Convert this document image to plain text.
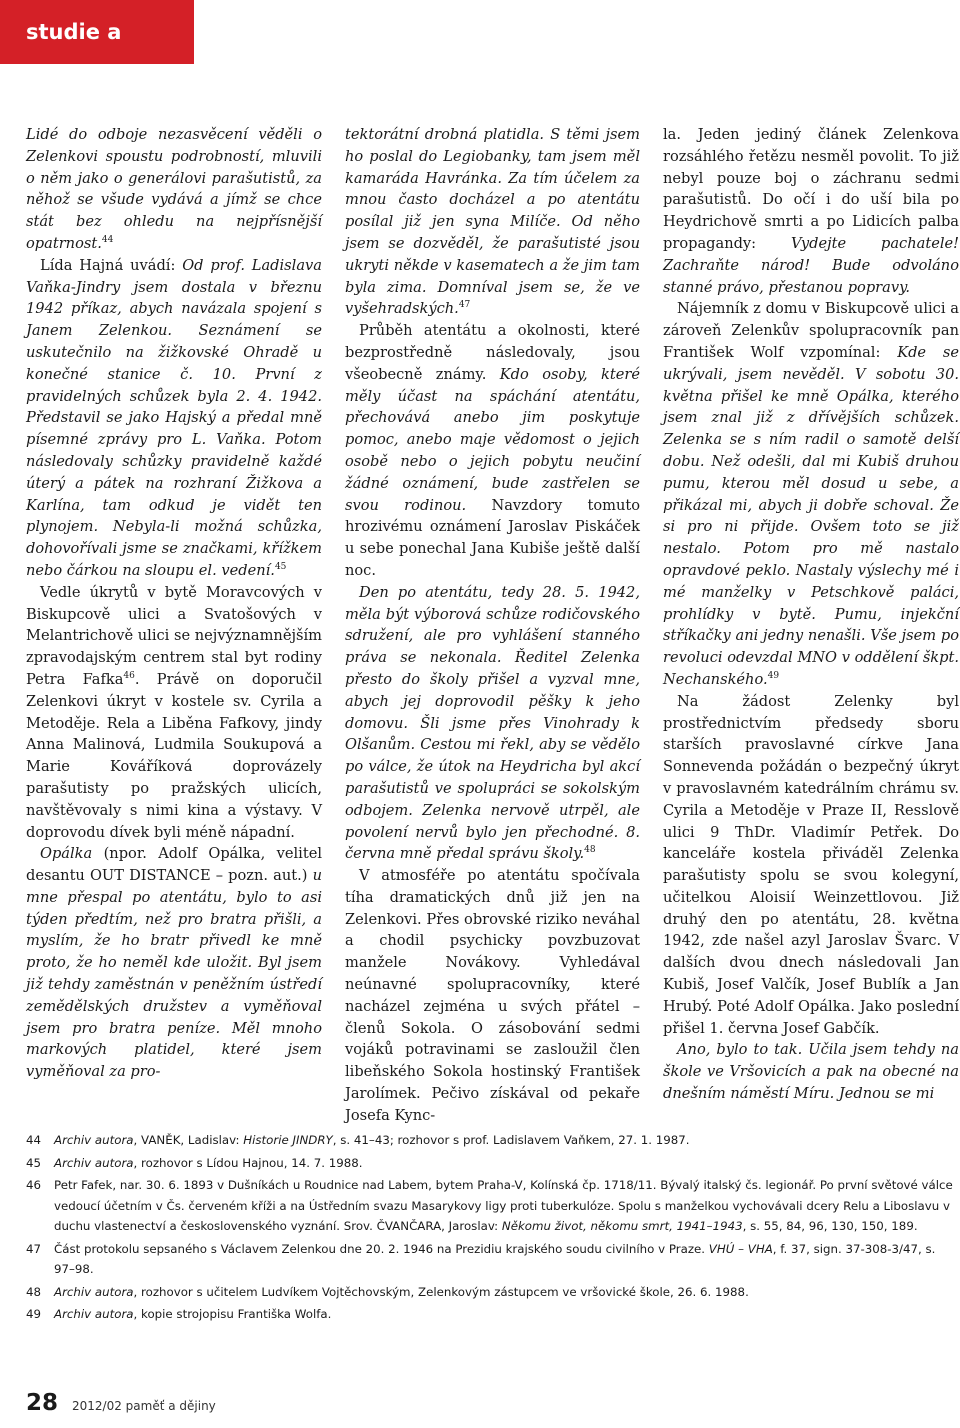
studie a články

Lidé do odboje nezasvěcení věděli o Zelenkovi spoustu podrobností, mluvili o něm jako o generálovi parašutistů, za něhož se všude vydává a jímž se chce stát bez ohledu na nejpřísnější opatrnost.$^{44}$

Lída Hajná uvádí: Od prof. Ladislava Vaňka-Jindry jsem dostala v březnu 1942 příkaz, abych navázala spojení s Janem Zelenkou. Seznámení se uskutečnilo na žižkovské Ohradě u konečné stanice č. 10. První z pravidelných schůzek byla 2. 4. 1942. Představil se jako Hajský a předal mně písemné zprávy pro L. Vaňka. Potom následovaly schůzky pravidelně každé úterý a pátek na rozhraní Žižkova a Karlína, tam odkud je vidět ten plynojem. Nebyla-li možná schůzka, dohovořívali jsme se značkami, křížkem nebo čárkou na sloupu el. vedení.$^{45}$

Vedle úkrytů v bytě Moravcových v Biskupcově ulici a Svatošových v Melantrichově ulici se nejvýznamnějším zpravodajským centrem stal byt rodiny Petra Fafka$^{46}$. Právě on doporučil Zelenkovi úkryt v kostele sv. Cyrila a Metoděje. Rela a Liběna Fafkovy, jindy Anna Malinová, Ludmila Soukupová a Marie Kováříková doprovázely parašutisty po pražských ulicích, navštěvovaly s nimi kina a výstavy. V doprovodu dívek byli méně nápadní.

Opálka (npor. Adolf Opálka, velitel desantu OUT DISTANCE – pozn. aut.) u mne přespal po atentátu, bylo to asi týden předtím, než pro bratra přišli, a myslím, že ho bratr přivedl ke mně proto, že ho neměl kde uložit. Byl jsem již tehdy zaměstnán v peněžním ústředí zemědělských družstev a vyměňoval jsem pro bratra peníze. Měl mnoho markových platidel, které jsem vyměňoval za pro-

tektorátní drobná platidla. S těmi jsem ho poslal do Legiobanky, tam jsem měl kamaráda Havránka. Za tím účelem za mnou často docházel a po atentátu posílal již jen syna Milíče. Od něho jsem se dozvěděl, že parašutisté jsou ukryti někde v kasematech a že jim tam byla zima. Domníval jsem se, že ve vyšehradských.$^{47}$

Průběh atentátu a okolnosti, které bezprostředně následovaly, jsou všeobecně známy. Kdo osoby, které měly účast na spáchání atentátu, přechovává anebo jim poskytuje pomoc, anebo maje vědomost o jejich osobě nebo o jejich pobytu neučiní žádné oznámení, bude zastřelen se svou rodinou. Navzdory tomuto hrozivému oznámení Jaroslav Piskáček u sebe ponechal Jana Kubiše ještě další noc.

Den po atentátu, tedy 28. 5. 1942, měla být výborová schůze rodičovského sdružení, ale pro vyhlášení stanného práva se nekonala. Ředitel Zelenka přesto do školy přišel a vyzval mne, abych jej doprovodil pěšky k jeho domovu. Šli jsme přes Vinohrady k Olšanům. Cestou mi řekl, aby se vědělo po válce, že útok na Heydricha byl akcí parašutistů ve spolupráci se sokolským odbojem. Zelenka nervově utrpěl, ale povolení nervů bylo jen přechodné. 8. června mně předal správu školy.$^{48}$

V atmosféře po atentátu spočívala tíha dramatických dnů již jen na Zelenkovi. Přes obrovské riziko neváhal a chodil psychicky povzbuzovat manžele Novákovy. Vyhledával neúnavné spolupracovníky, které nacházel zejména u svých přátel – členů Sokola. O zásobování sedmi vojáků potravinami se zasloužil člen libeňského Sokola hostinský František Jarolímek. Pečivo získával od pekaře Josefa Kync-

la. Jeden jediný článek Zelenkova rozsáhlého řetězu nesměl povolit. To již nebyl pouze boj o záchranu sedmi parašutistů. Do očí i do uší bila po Heydrichově smrti a po Lidicích palba propagandy: Vydejte pachatele! Zachraňte národ! Bude odvoláno stanné právo, přestanou popravy.

Nájemník z domu v Biskupcově ulici a zároveň Zelenkův spolupracovník pan František Wolf vzpomínal: Kde se ukrývali, jsem nevěděl. V sobotu 30. května přišel ke mně Opálka, kterého jsem znal již z dřívějších schůzek. Zelenka se s ním radil o samotě delší dobu. Než odešli, dal mi Kubiš druhou pumu, kterou měl dosud u sebe, a přikázal mi, abych ji dobře schoval. Že si pro ni přijde. Ovšem toto se již nestalo. Potom pro mě nastalo opravdové peklo. Nastaly výslechy mé i mé manželky v Petschkově paláci, prohlídky v bytě. Pumu, injekční stříkačky ani jedny nenašli. Vše jsem po revoluci odevzdal MNO v oddělení škpt. Nechanského.$^{49}$

Na žádost Zelenky byl prostřednictvím předsedy sboru starších pravoslavné církve Jana Sonnevenda požádán o bezpečný úkryt v pravoslavném katedrálním chrámu sv. Cyrila a Metoděje v Praze II, Resslově ulici 9 ThDr. Vladimír Petřek. Do kanceláře kostela přiváděl Zelenka parašutisty spolu se svou kolegyní, učitelkou Aloisií Weinzettlovou. Již druhý den po atentátu, 28. května 1942, zde našel azyl Jaroslav Švarc. V dalších dvou dnech následovali Jan Kubiš, Josef Valčík, Josef Bublík a Jan Hrubý. Poté Adolf Opálka. Jako poslední přišel 1. června Josef Gabčík.

Ano, bylo to tak. Učila jsem tehdy na škole ve Vršovicích a pak na obecné na dnešním náměstí Míru. Jednou se mi

44	Archiv autora, VANĚK, Ladislav: Historie JINDRY, s. 41–43; rozhovor s prof. Ladislavem Vaňkem, 27. 1. 1987.
45	Archiv autora, rozhovor s Lídou Hajnou, 14. 7. 1988.
46	Petr Fafek, nar. 30. 6. 1893 v Dušníkách u Roudnice nad Labem, bytem Praha-V, Kolínská čp. 1718/11. Bývalý italský čs. legionář. Po první světové válce vedoucí účetním v Čs. červeném kříži a na Ústředním svazu Masarykovy ligy proti tuberkulóze. Spolu s manželkou vychovávali dcery Relu a Liboslavu v duchu vlastenectví a československého vyznání. Srov. ČVANČARA, Jaroslav: Někomu život, někomu smrt, 1941–1943, s. 55, 84, 96, 130, 150, 189.
47	Část protokolu sepsaného s Václavem Zelenkou dne 20. 2. 1946 na Prezidiu krajského soudu civilního v Praze. VHÚ – VHA, f. 37, sign. 37-308-3/47, s. 97–98.
48	Archiv autora, rozhovor s učitelem Ludvíkem Vojtěchovským, Zelenkovým zástupcem ve vršovické škole, 26. 6. 1988.
49	Archiv autora, kopie strojopisu Františka Wolfa.
28 2012/02 paměť a dějiny
